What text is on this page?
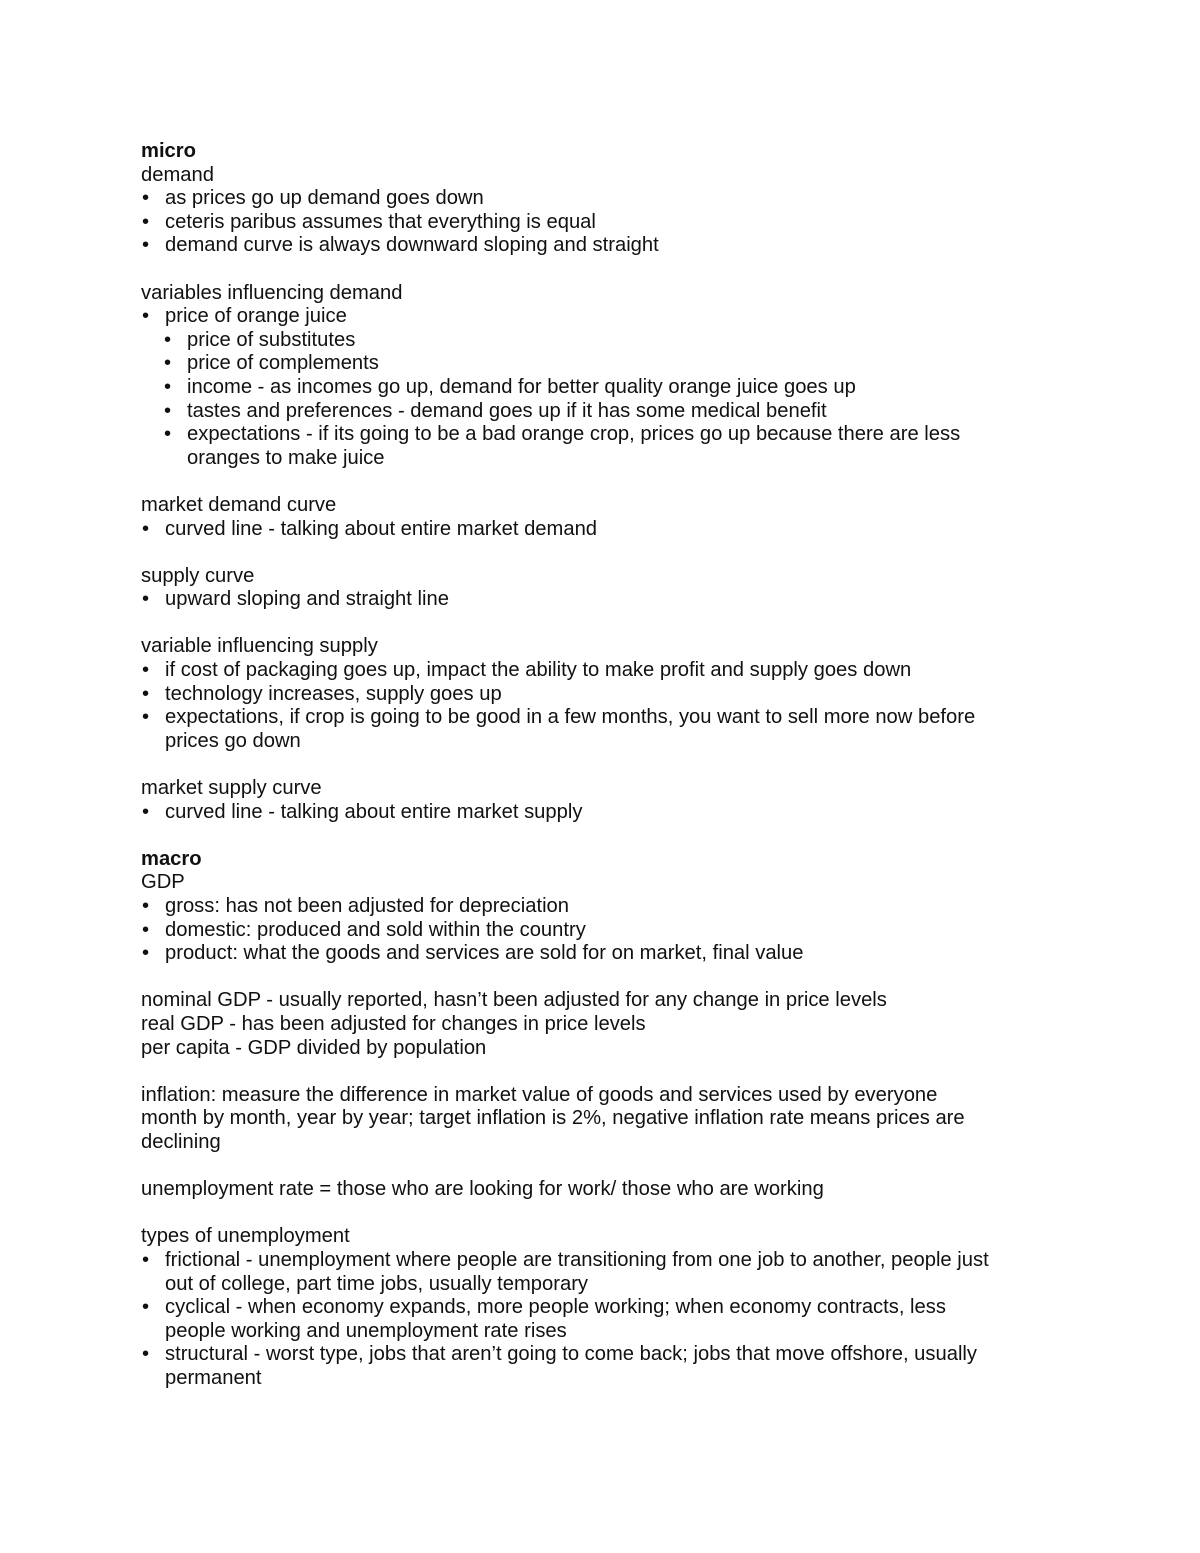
micro
demand
• as prices go up demand goes down
• ceteris paribus assumes that everything is equal
• demand curve is always downward sloping and straight
variables influencing demand
• price of orange juice
• price of substitutes
• price of complements
• income - as incomes go up, demand for better quality orange juice goes up
• tastes and preferences - demand goes up if it has some medical benefit
• expectations - if its going to be a bad orange crop, prices go up because there are less
oranges to make juice
market demand curve
• curved line - talking about entire market demand
supply curve
• upward sloping and straight line
variable influencing supply
• if cost of packaging goes up, impact the ability to make profit and supply goes down
• technology increases, supply goes up
• expectations, if crop is going to be good in a few months, you want to sell more now before
prices go down
market supply curve
• curved line - talking about entire market supply
macro
GDP
• gross: has not been adjusted for depreciation
• domestic: produced and sold within the country
• product: what the goods and services are sold for on market, final value
nominal GDP - usually reported, hasn’t been adjusted for any change in price levels
real GDP - has been adjusted for changes in price levels
per capita - GDP divided by population
inflation: measure the difference in market value of goods and services used by everyone
month by month, year by year; target inflation is 2%, negative inflation rate means prices are
declining
unemployment rate = those who are looking for work/ those who are working
types of unemployment
• frictional - unemployment where people are transitioning from one job to another, people just
out of college, part time jobs, usually temporary
• cyclical - when economy expands, more people working; when economy contracts, less
people working and unemployment rate rises
• structural - worst type, jobs that aren’t going to come back; jobs that move offshore, usually
permanent
